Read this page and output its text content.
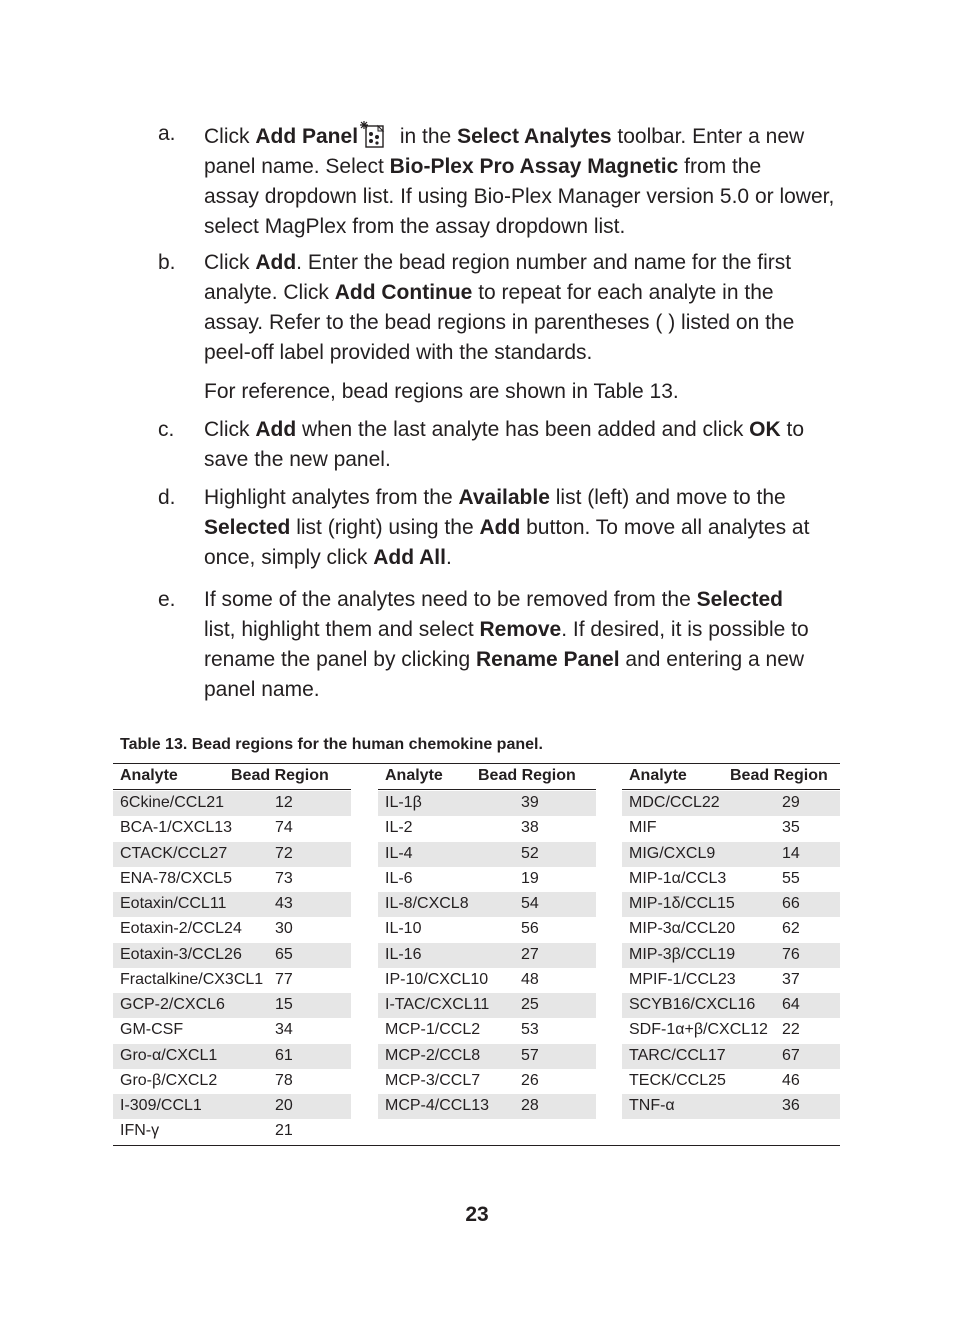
a. Click Add Panel in the Select Analytes toolbar. Enter a new
panel name. Select Bio-Plex Pro Assay Magnetic from the
assay dropdown list. If using Bio-Plex Manager version 5.0 or lower,
select MagPlex from the assay dropdown list.
b. Click Add. Enter the bead region number and name for the first
analyte. Click Add Continue to repeat for each analyte in the
assay. Refer to the bead regions in parentheses ( ) listed on the
peel-off label provided with the standards.
For reference, bead regions are shown in Table 13.
c. Click Add when the last analyte has been added and click OK to
save the new panel.
d. Highlight analytes from the Available list (left) and move to the
Selected list (right) using the Add button. To move all analytes at
once, simply click Add All.
e. If some of the analytes need to be removed from the Selected
list, highlight them and select Remove. If desired, it is possible to
rename the panel by clicking Rename Panel and entering a new
panel name.
Table 13. Bead regions for the human chemokine panel.
Analyte	Bead Region
6Ckine/CCL21	12
BCA-1/CXCL13	74
CTACK/CCL27	72
ENA-78/CXCL5	73
Eotaxin/CCL11	43
Eotaxin-2/CCL24 30
Eotaxin-3/CCL26 65
Fractalkine/CX3CL1 77
GCP-2/CXCL6	15
GM-CSF	34
Gro-α/CXCL1	61
Gro-β/CXCL2	78
I-309/CCL1	20
IFN-γ	21
Analyte Bead Region
IL-1β	39
IL-2	38
IL-4	52
IL-6	19
IL-8/CXCL8	54
IL-10	56
IL-16	27
IP-10/CXCL10 48
I-TAC/CXCL11 25
MCP-1/CCL2	53
MCP-2/CCL8	57
MCP-3/CCL7	26
MCP-4/CCL13 28
Analyte	Bead Region
MDC/CCL22	29
MIF	35
MIG/CXCL9	14
MIP-1α/CCL3	55
MIP-1δ/CCL15	66
MIP-3α/CCL20	62
MIP-3β/CCL19	76
MPIF-1/CCL23	37
SCYB16/CXCL16 64
SDF-1α+β/CXCL12 22
TARC/CCL17	67
TECK/CCL25	46
TNF-α	36
23
